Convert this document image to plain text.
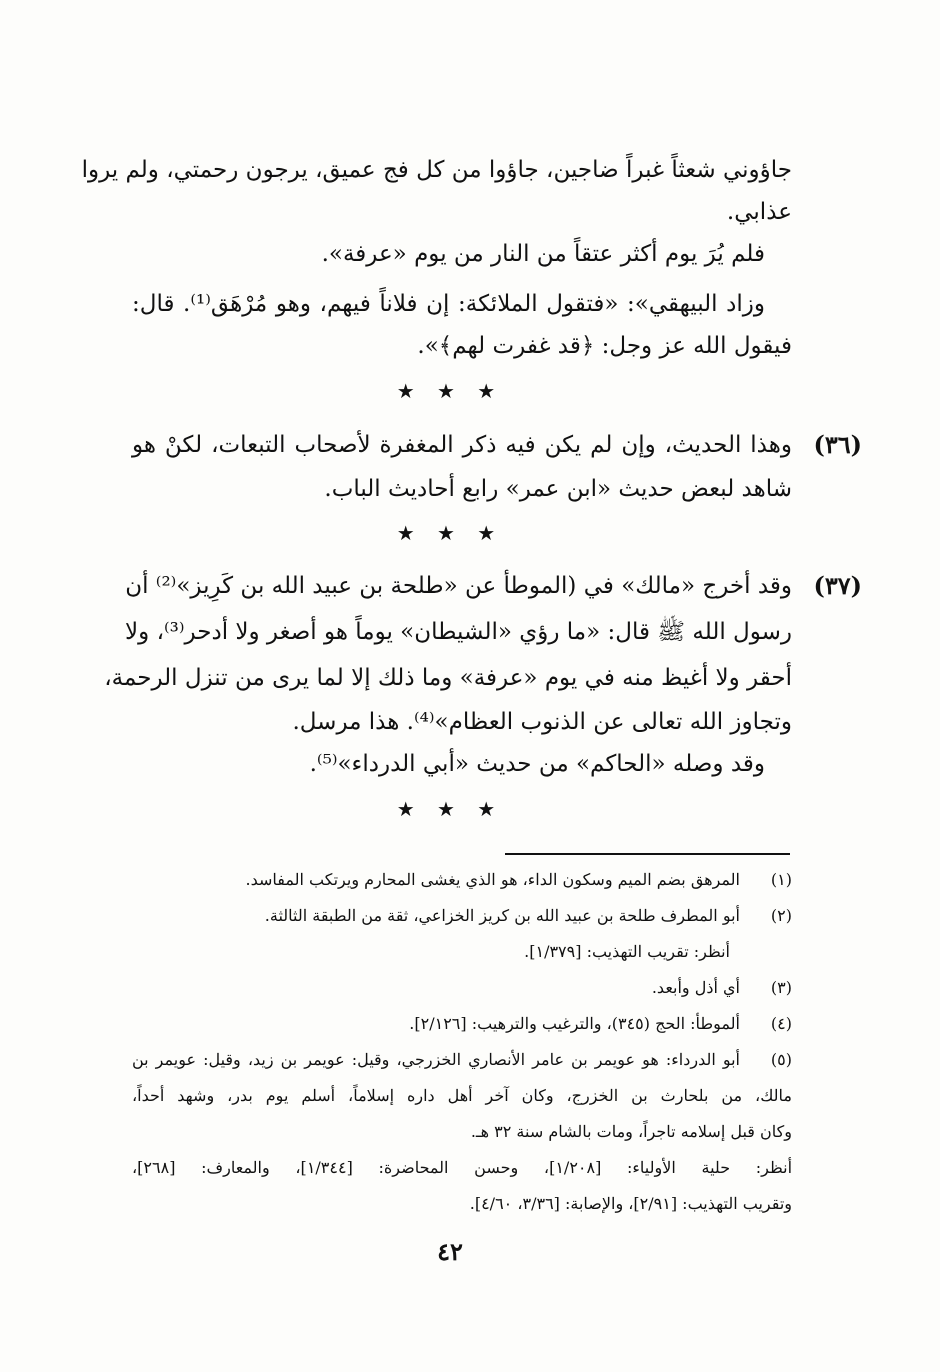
جاؤوني شعثاً غبراً ضاجين، جاؤوا من كل فج عميق، يرجون رحمتي، ولم يروا
عذابي.
فلم يُرَ يوم أكثر عتقاً من النار من يوم «عرفة».
وزاد البيهقي»: «فتقول الملائكة: إن فلاناً فيهم، وهو مُرْهَق⁽¹⁾. قال:
فيقول الله عز وجل: ﴿قد غفرت لهم﴾».
★ ★ ★
(٣٦)
وهذا الحديث، وإن لم يكن فيه ذكر المغفرة لأصحاب التبعات، لكنْ هو
شاهد لبعض حديث «ابن عمر» رابع أحاديث الباب.
★ ★ ★
(٣٧)
وقد أخرج «مالك» في (الموطأ عن «طلحة بن عبيد الله بن كَرِيز»⁽²⁾ أن
رسول الله ﷺ قال: «ما رؤي «الشيطان» يوماً هو أصغر ولا أدحر⁽³⁾، ولا
أحقر ولا أغيظ منه في يوم «عرفة» وما ذلك إلا لما يرى من تنزل الرحمة،
وتجاوز الله تعالى عن الذنوب العظام»⁽⁴⁾. هذا مرسل.
وقد وصله «الحاكم» من حديث «أبي الدرداء»⁽⁵⁾.
★ ★ ★
(١)
المرهق بضم الميم وسكون الداء، هو الذي يغشى المحارم ويرتكب المفاسد.
(٢)
أبو المطرف طلحة بن عبيد الله بن كريز الخزاعي، ثقة من الطبقة الثالثة.
أنظر: تقريب التهذيب: [١/٣٧٩].
(٣)
أي أذل وأبعد.
(٤)
ألموطأ: الحج (٣٤٥)، والترغيب والترهيب: [٢/١٢٦].
(٥)
أبو الدرداء: هو عويمر بن عامر الأنصاري الخزرجي، وقيل: عويمر بن زيد، وقيل: عويمر بن
مالك، من بلحارث بن الخزرج، وكان آخر أهل داره إسلاماً، أسلم يوم بدر، وشهد أحداً،
وكان قبل إسلامه تاجراً، ومات بالشام سنة ٣٢ هـ.
أنظر: حلية الأولياء: [١/٢٠٨]، وحسن المحاضرة: [١/٣٤٤]، والمعارف: [٢٦٨]،
وتقريب التهذيب: [٢/٩١]، والإصابة: [٣/٣٦، ٤/٦٠].
٤٢
